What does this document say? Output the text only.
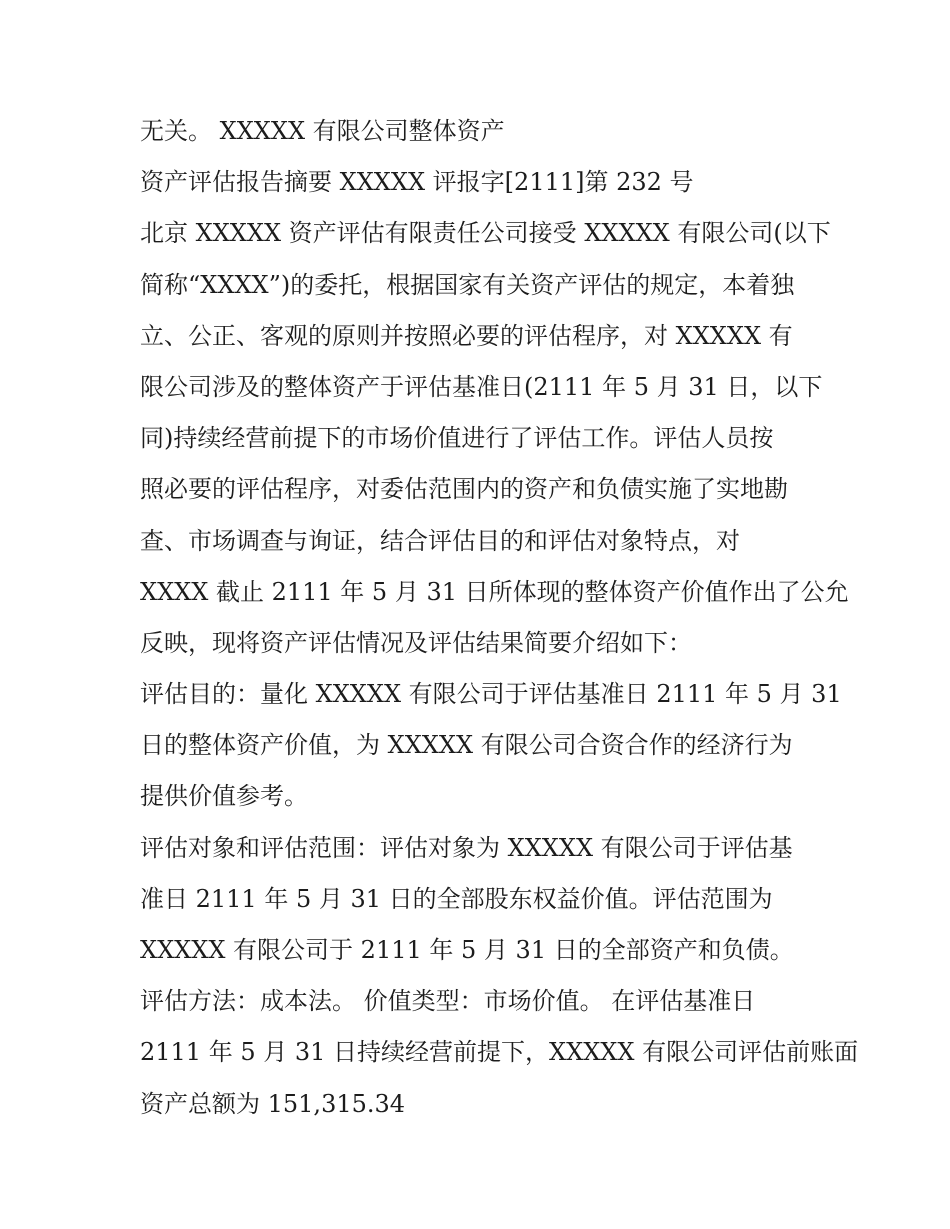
无关。 XXXXX 有限公司整体资产
资产评估报告摘要 XXXXX 评报字[2111]第 232 号
北京 XXXXX 资产评估有限责任公司接受 XXXXX 有限公司(以下
简称“XXXX”)的委托，根据国家有关资产评估的规定，本着独
立、公正、客观的原则并按照必要的评估程序，对 XXXXX 有
限公司涉及的整体资产于评估基准日(2111 年 5 月 31 日，以下
同)持续经营前提下的市场价值进行了评估工作。评估人员按
照必要的评估程序，对委估范围内的资产和负债实施了实地勘
查、市场调查与询证，结合评估目的和评估对象特点，对
XXXX 截止 2111 年 5 月 31 日所体现的整体资产价值作出了公允
反映，现将资产评估情况及评估结果简要介绍如下：
评估目的：量化 XXXXX 有限公司于评估基准日 2111 年 5 月 31
日的整体资产价值，为 XXXXX 有限公司合资合作的经济行为
提供价值参考。
评估对象和评估范围：评估对象为 XXXXX 有限公司于评估基
准日 2111 年 5 月 31 日的全部股东权益价值。评估范围为
XXXXX 有限公司于 2111 年 5 月 31 日的全部资产和负债。
评估方法：成本法。 价值类型：市场价值。 在评估基准日
2111 年 5 月 31 日持续经营前提下，XXXXX 有限公司评估前账面
资产总额为 151,315.34
